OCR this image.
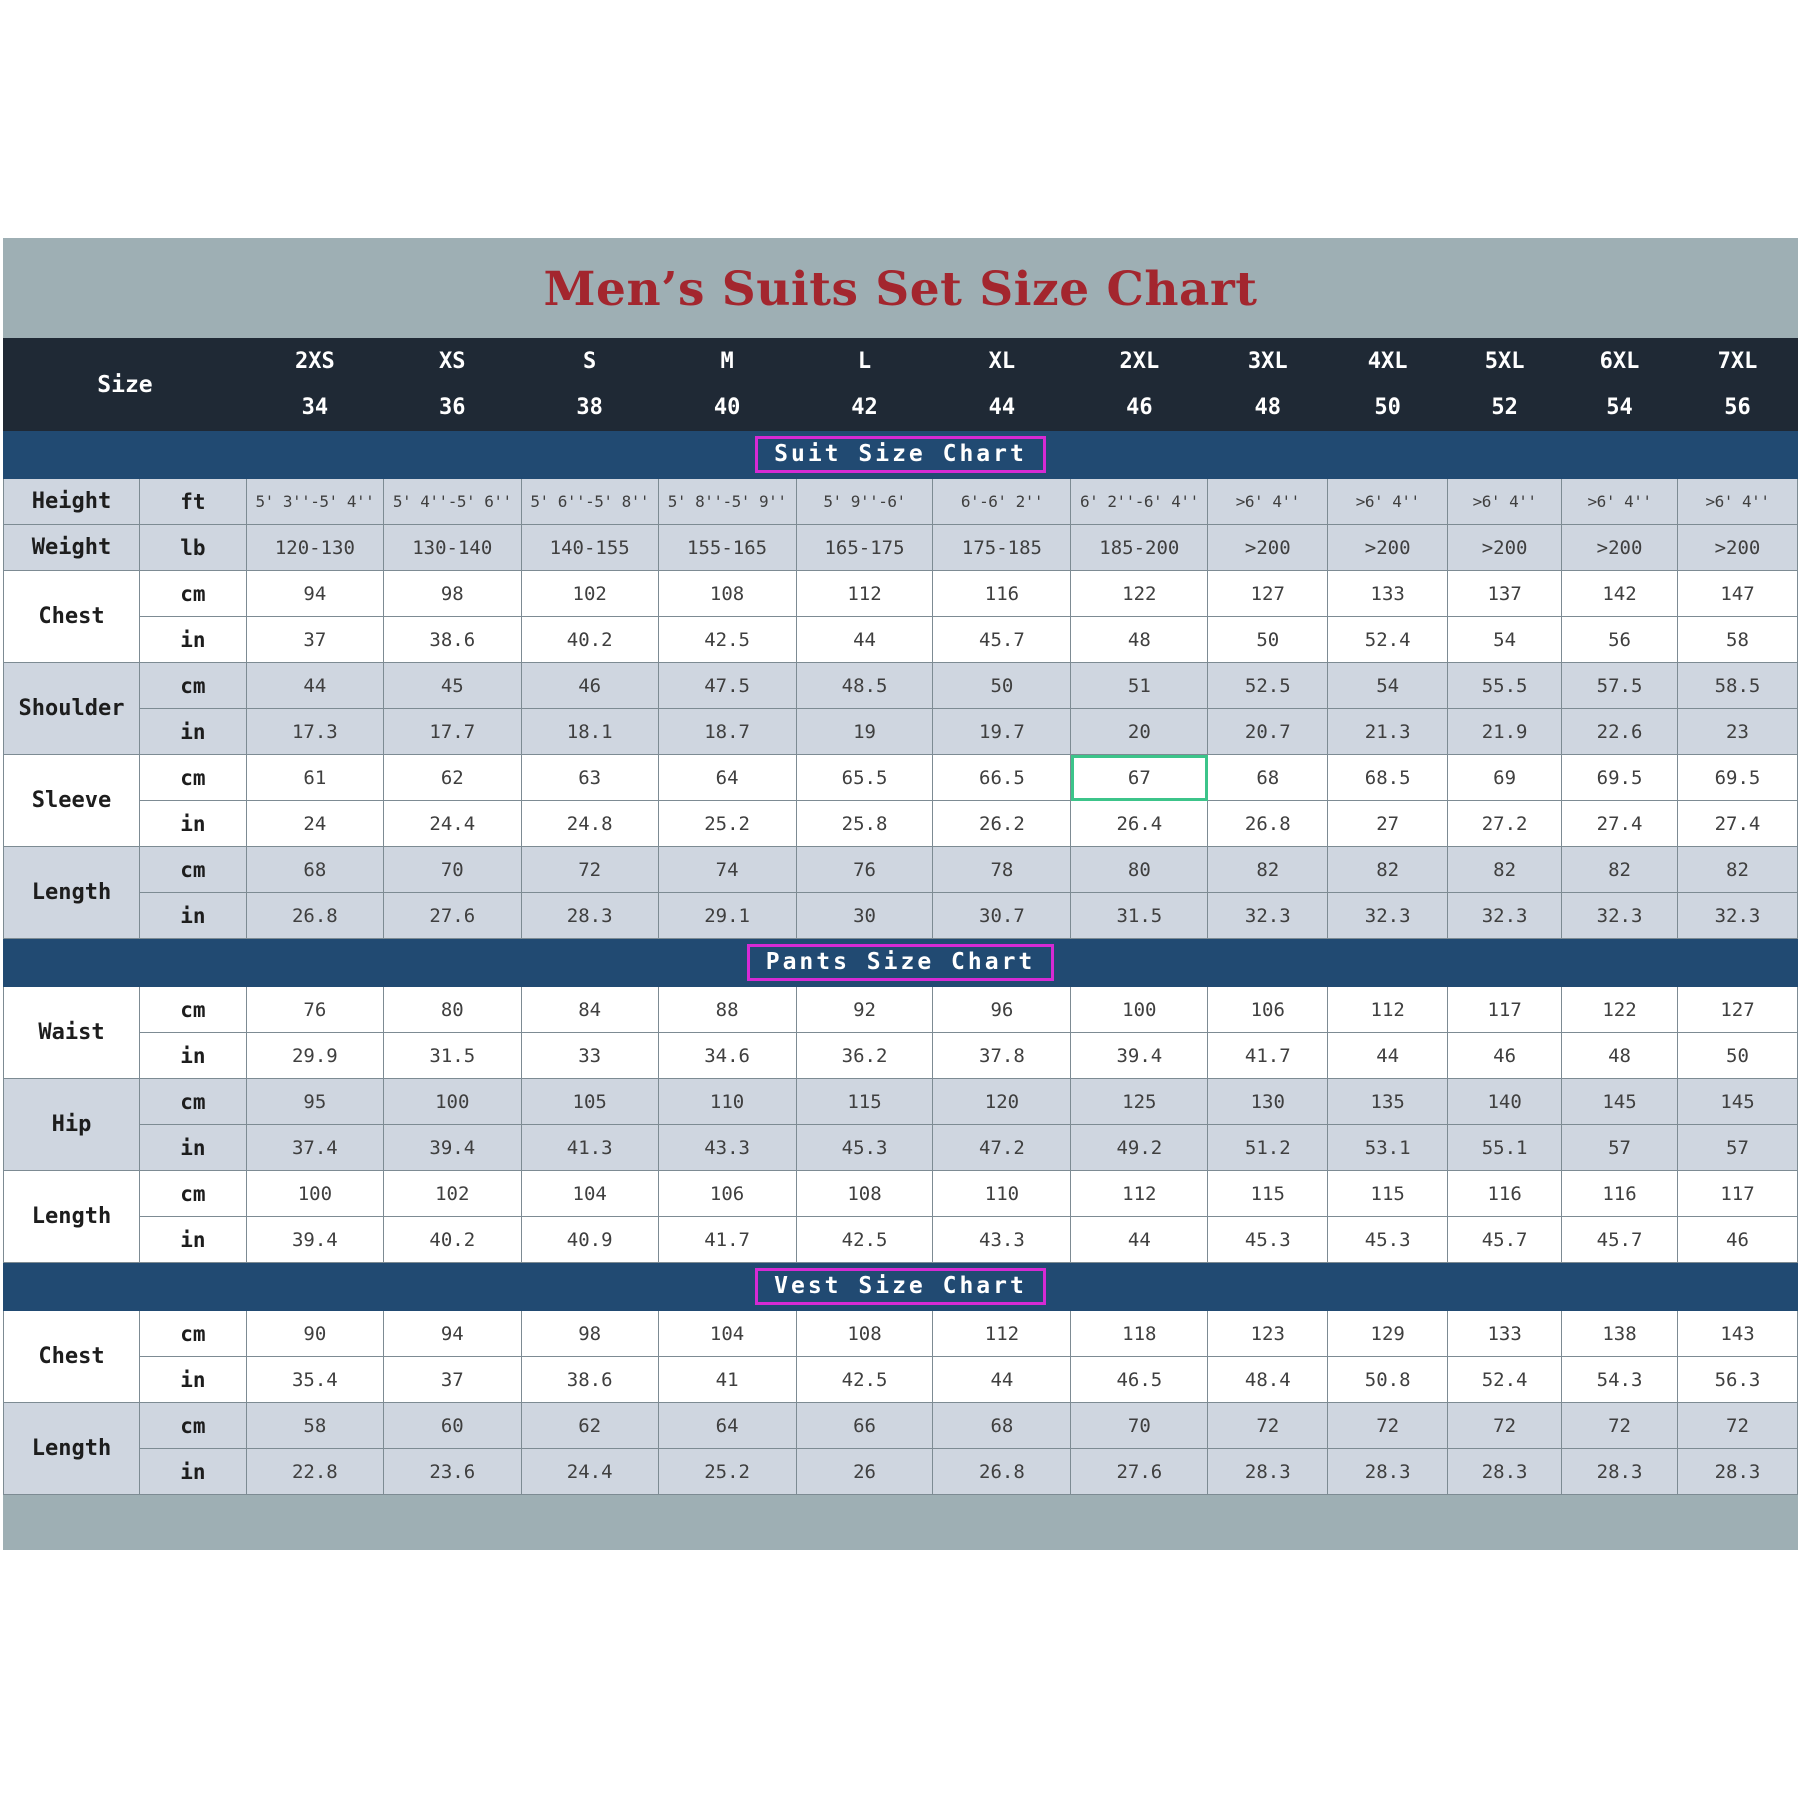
Men’s Suits Set Size Chart
Size		2XS	XS	S	M	L	XL	2XL	3XL	4XL	5XL	6XL	7XL
		34	36	38	40	42	44	46	48	50	52	54	56
Suit Size Chart													
Height	ft	5' 3''-5' 4''	5' 4''-5' 6''	5' 6''-5' 8''	5' 8''-5' 9''	5' 9''-6'	6'-6' 2''	6' 2''-6' 4''	>6' 4''	>6' 4''	>6' 4''	>6' 4''	>6' 4''
Weight	lb	120-130	130-140	140-155	155-165	165-175	175-185	185-200	>200	>200	>200	>200	>200
Chest	cm	94	98	102	108	112	116	122	127	133	137	142	147
	in	37	38.6	40.2	42.5	44	45.7	48	50	52.4	54	56	58
Shoulder	cm	44	45	46	47.5	48.5	50	51	52.5	54	55.5	57.5	58.5
	in	17.3	17.7	18.1	18.7	19	19.7	20	20.7	21.3	21.9	22.6	23
Sleeve	cm	61	62	63	64	65.5	66.5	67	68	68.5	69	69.5	69.5
	in	24	24.4	24.8	25.2	25.8	26.2	26.4	26.8	27	27.2	27.4	27.4
Length	cm	68	70	72	74	76	78	80	82	82	82	82	82
	in	26.8	27.6	28.3	29.1	30	30.7	31.5	32.3	32.3	32.3	32.3	32.3
Pants Size Chart													
Waist	cm	76	80	84	88	92	96	100	106	112	117	122	127
	in	29.9	31.5	33	34.6	36.2	37.8	39.4	41.7	44	46	48	50
Hip	cm	95	100	105	110	115	120	125	130	135	140	145	145
	in	37.4	39.4	41.3	43.3	45.3	47.2	49.2	51.2	53.1	55.1	57	57
Length	cm	100	102	104	106	108	110	112	115	115	116	116	117
	in	39.4	40.2	40.9	41.7	42.5	43.3	44	45.3	45.3	45.7	45.7	46
Vest Size Chart													
Chest	cm	90	94	98	104	108	112	118	123	129	133	138	143
	in	35.4	37	38.6	41	42.5	44	46.5	48.4	50.8	52.4	54.3	56.3
Length	cm	58	60	62	64	66	68	70	72	72	72	72	72
	in	22.8	23.6	24.4	25.2	26	26.8	27.6	28.3	28.3	28.3	28.3	28.3
